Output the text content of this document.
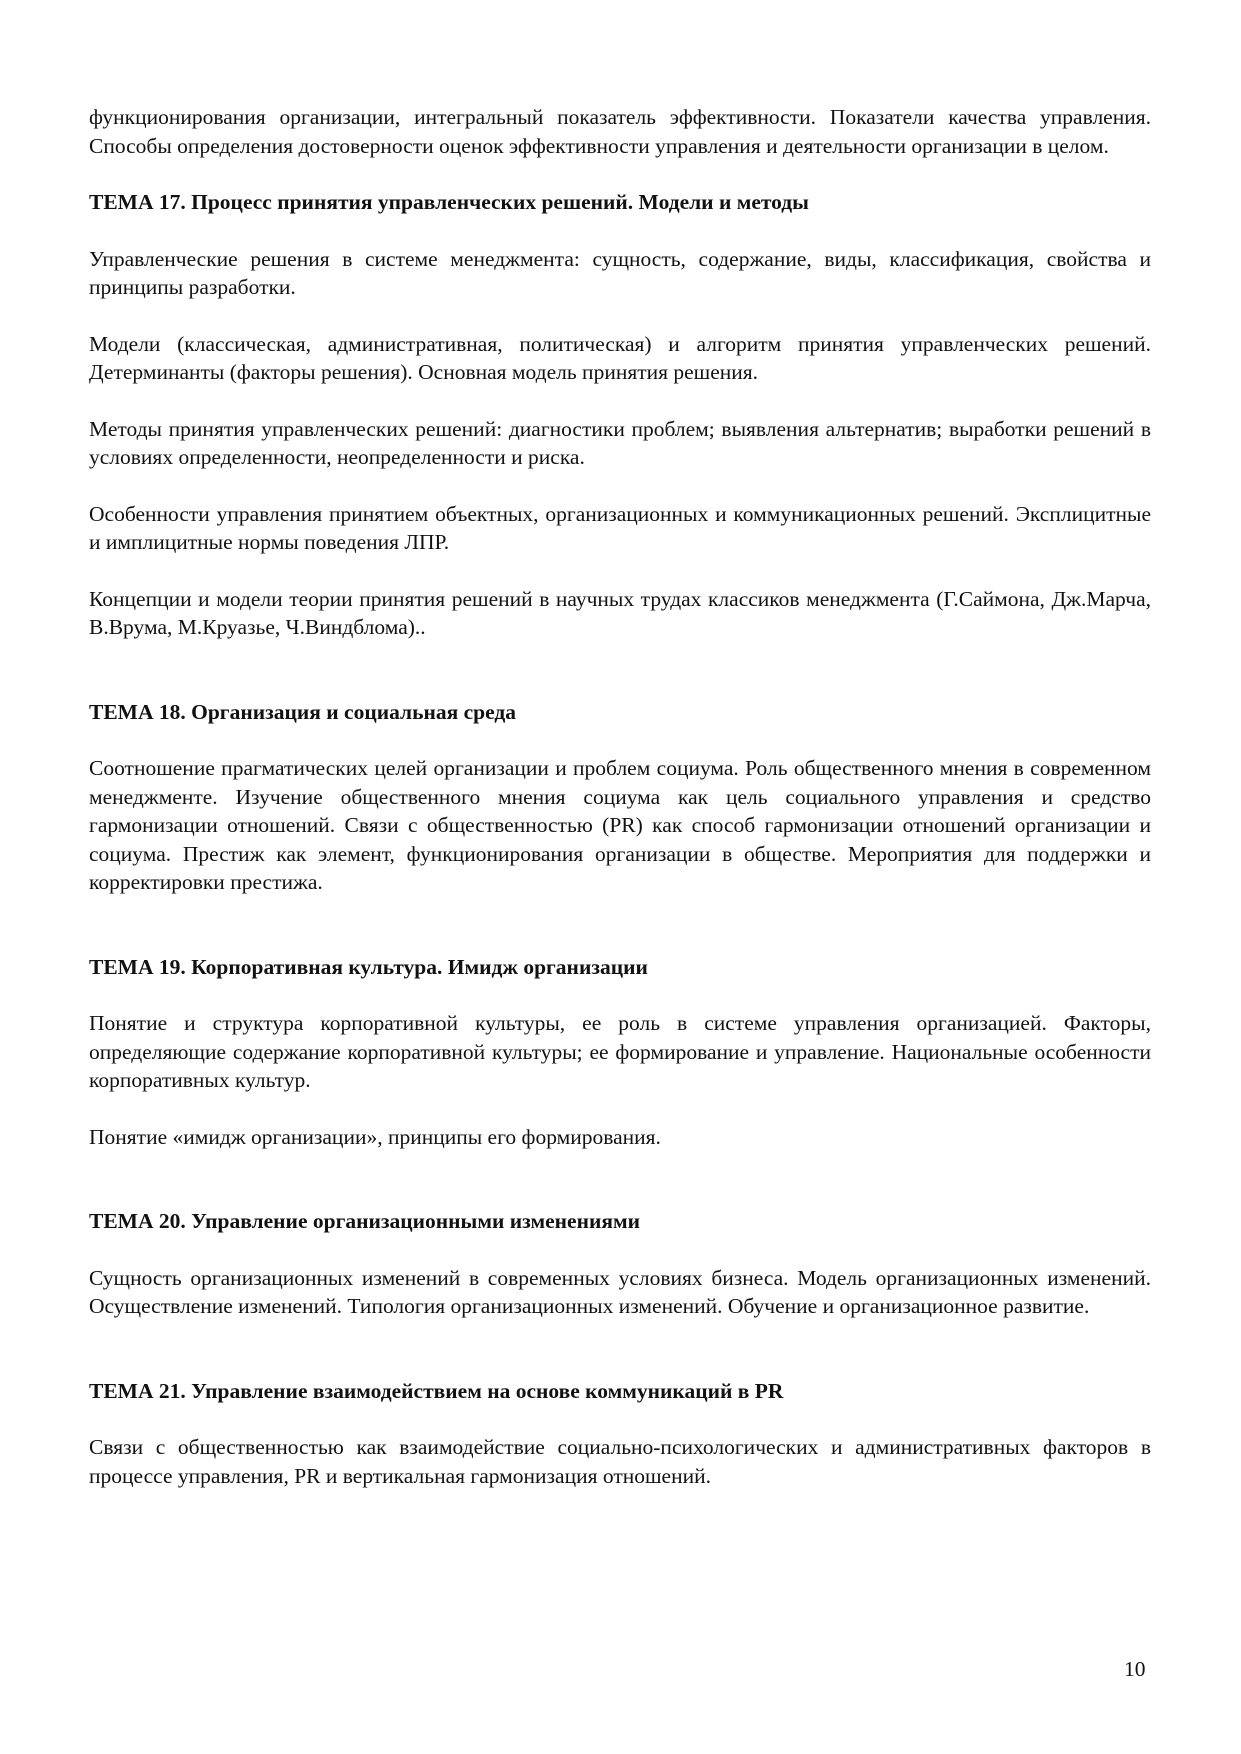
функционирования организации, интегральный показатель эффективности. Показатели качества управления. Способы определения достоверности оценок эффективности управления и деятельности организации в целом.

ТЕМА 17. Процесс принятия управленческих решений. Модели и методы

Управленческие решения в системе менеджмента: сущность, содержание, виды, классификация, свойства и принципы разработки.

Модели (классическая, административная, политическая) и алгоритм принятия управленческих решений. Детерминанты (факторы решения). Основная модель принятия решения.

Методы принятия управленческих решений: диагностики проблем; выявления альтернатив; выработки решений в условиях определенности, неопределенности и риска.

Особенности управления принятием объектных, организационных и коммуникационных решений. Эксплицитные и имплицитные нормы поведения ЛПР.

Концепции и модели теории принятия решений в научных трудах классиков менеджмента (Г.Саймона, Дж.Марча, В.Врума, М.Круазье, Ч.Виндблома)..

ТЕМА 18. Организация и социальная среда

Соотношение прагматических целей организации и проблем социума. Роль общественного мнения в современном менеджменте. Изучение общественного мнения социума как цель социального управления и средство гармонизации отношений. Связи с общественностью (PR) как способ гармонизации отношений организации и социума. Престиж как элемент, функционирования организации в обществе. Мероприятия для поддержки и корректировки престижа.

ТЕМА 19. Корпоративная культура. Имидж организации

Понятие и структура корпоративной культуры, ее роль в системе управления организацией. Факторы, определяющие содержание корпоративной культуры; ее формирование и управление. Национальные особенности корпоративных культур.

Понятие «имидж организации», принципы его формирования.

ТЕМА 20. Управление организационными изменениями

Сущность организационных изменений в современных условиях бизнеса. Модель организационных изменений. Осуществление изменений. Типология организационных изменений. Обучение и организационное развитие.

ТЕМА 21. Управление взаимодействием на основе коммуникаций в PR

Связи с общественностью как взаимодействие социально-психологических и административных факторов в процессе управления, PR и вертикальная гармонизация отношений.

10
